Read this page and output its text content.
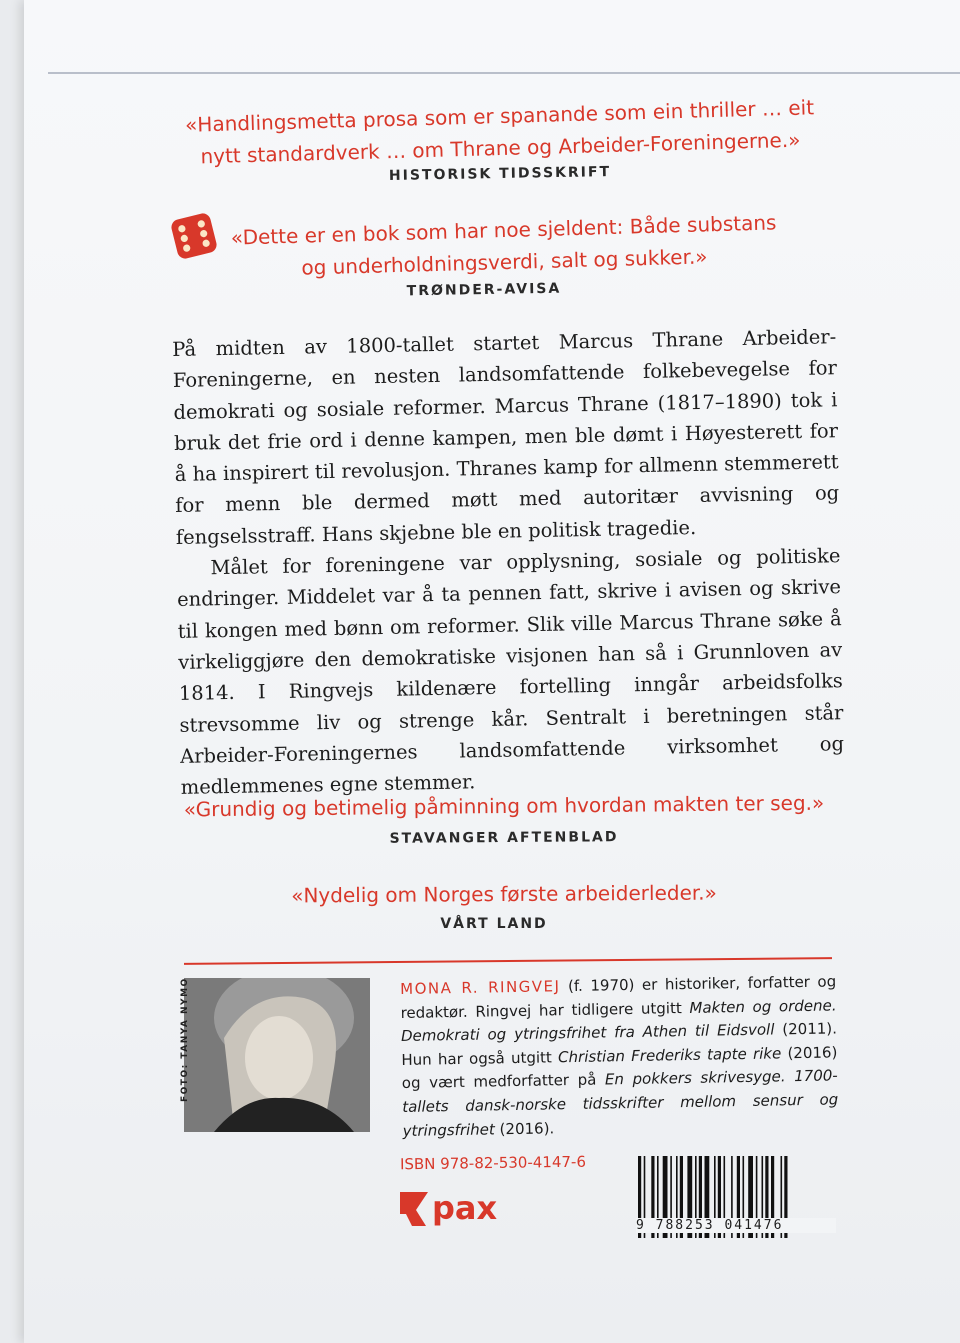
«Handlingsmetta prosa som er spanande som ein thriller … eit
nytt standardverk … om Thrane og Arbeider-Foreningerne.»
HISTORISK TIDSSKRIFT
«Dette er en bok som har noe sjeldent: Både substans
og underholdningsverdi, salt og sukker.»
TRØNDER-AVISA

På midten av 1800-tallet startet Marcus Thrane Arbeider-Foreningerne, en nesten landsomfattende folkebevegelse for demokrati og sosiale reformer. Marcus Thrane (1817–1890) tok i bruk det frie ord i denne kampen, men ble dømt i Høyesterett for å ha inspirert til revolusjon. Thranes kamp for allmenn stemmerett for menn ble dermed møtt med autoritær avvisning og fengselsstraff. Hans skjebne ble en politisk tragedie.

Målet for foreningene var opplysning, sosiale og politiske endringer. Middelet var å ta pennen fatt, skrive i avisen og skrive til kongen med bønn om reformer. Slik ville Marcus Thrane søke å virkeliggjøre den demokratiske visjonen han så i Grunnloven av 1814. I Ringvejs kildenære fortelling inngår arbeidsfolks strevsomme liv og strenge kår. Sentralt i beretningen står Arbeider-Foreningernes landsomfattende virksomhet og medlemmenes egne stemmer.

«Grundig og betimelig påminning om hvordan makten ter seg.»
STAVANGER AFTENBLAD
«Nydelig om Norges første arbeiderleder.»
VÅRT LAND
FOTO: TANYA NYMO	MONA R. RINGVEJ (f. 1970) er historiker, forfatter og redaktør. Ringvej har tidligere utgitt Makten og ordene. Demokrati og ytringsfrihet fra Athen til Eidsvoll (2011). Hun har også utgitt Christian Frederiks tapte rike (2016) og vært medforfatter på En pokkers skrivesyge. 1700-tallets dansk-norske tidsskrifter mellom sensur og ytringsfrihet (2016).
ISBN 978-82-530-4147-6
pax	9 788253 041476
